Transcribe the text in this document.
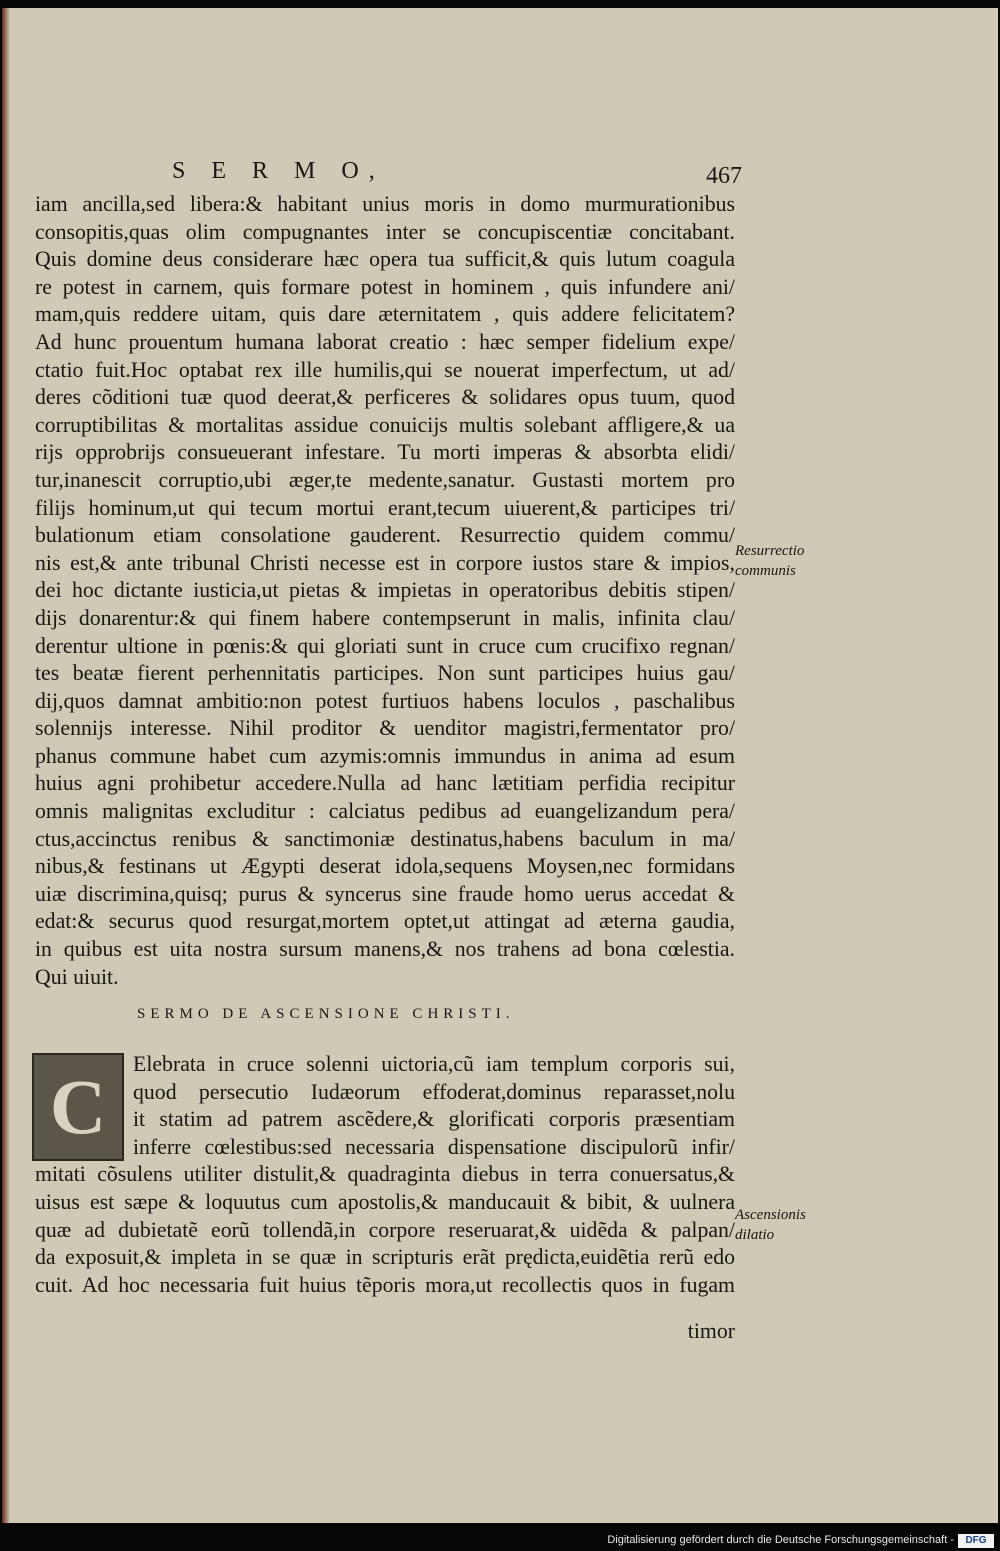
S E R M O,	467
iam ancilla,sed libera:& habitant unius moris in domo murmurationibus
consopitis,quas olim compugnantes inter se concupiscentiæ concitabant.
Quis domine deus considerare hæc opera tua sufficit,& quis lutum coagula
re potest in carnem, quis formare potest in hominem , quis infundere ani/
mam,quis reddere uitam, quis dare æternitatem , quis addere felicitatem?
Ad hunc prouentum humana laborat creatio : hæc semper fidelium expe/
ctatio fuit.Hoc optabat rex ille humilis,qui se nouerat imperfectum, ut ad/
deres cõditioni tuæ quod deerat,& perficeres & solidares opus tuum, quod
corruptibilitas & mortalitas assidue conuicijs multis solebant affligere,& ua
rijs opprobrijs consueuerant infestare. Tu morti imperas & absorbta elidi/
tur,inanescit corruptio,ubi æger,te medente,sanatur. Gustasti mortem pro
filijs hominum,ut qui tecum mortui erant,tecum uiuerent,& participes tri/
bulationum etiam consolatione gauderent. Resurrectio quidem commu/
nis est,& ante tribunal Christi necesse est in corpore iustos stare & impios,
dei hoc dictante iusticia,ut pietas & impietas in operatoribus debitis stipen/
dijs donarentur:& qui finem habere contempserunt in malis, infinita clau/
derentur ultione in pœnis:& qui gloriati sunt in cruce cum crucifixo regnan/
tes beatæ fierent perhennitatis participes. Non sunt participes huius gau/
dij,quos damnat ambitio:non potest furtiuos habens loculos , paschalibus
solennijs interesse. Nihil proditor & uenditor magistri,fermentator pro/
phanus commune habet cum azymis:omnis immundus in anima ad esum
huius agni prohibetur accedere.Nulla ad hanc lætitiam perfidia recipitur
omnis malignitas excluditur : calciatus pedibus ad euangelizandum pera/
ctus,accinctus renibus & sanctimoniæ destinatus,habens baculum in ma/
nibus,& festinans ut Ægypti deserat idola,sequens Moysen,nec formidans
uiæ discrimina,quisq; purus & syncerus sine fraude homo uerus accedat &
edat:& securus quod resurgat,mortem optet,ut attingat ad æterna gaudia,
in quibus est uita nostra sursum manens,& nos trahens ad bona cœlestia.
Qui uiuit.
SERMO DE ASCENSIONE CHRISTI.
C Elebrata in cruce solenni uictoria,cũ iam templum corporis sui,
quod persecutio Iudæorum effoderat,dominus reparasset,nolu
it statim ad patrem ascẽdere,& glorificati corporis præsentiam
inferre cœlestibus:sed necessaria dispensatione discipulorũ infir/
mitati cõsulens utiliter distulit,& quadraginta diebus in terra conuersatus,&
uisus est sæpe & loquutus cum apostolis,& manducauit & bibit, & uulnera
quæ ad dubietatẽ eorũ tollendã,in corpore reseruarat,& uidẽda & palpan/
da exposuit,& impleta in se quæ in scripturis erãt prędicta,euidẽtia rerũ edo
cuit. Ad hoc necessaria fuit huius tẽporis mora,ut recollectis quos in fugam
timor
Resurrectio
communis
Ascensionis
dilatio
Digitalisierung gefördert durch die Deutsche Forschungsgemeinschaft -	DFG
